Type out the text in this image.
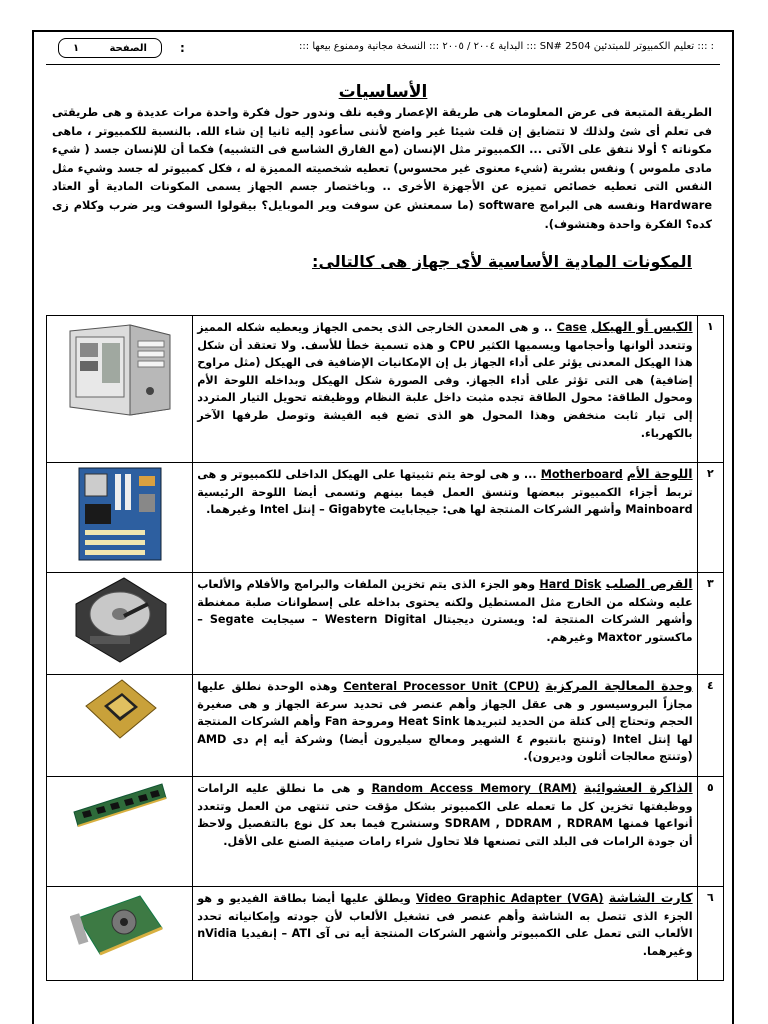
: ::: تعليم الكمبيوتر للمبتدئين SN# 2504 ::: البداية ٢٠٠٤ / ٢٠٠٥ ::: النسخة مجانية وممنوع بيعها :::
:
الصفحة
١
الأساسيات
الطريقة المتبعة فى عرض المعلومات هى طريقة الإعصار وفيه نلف وندور حول فكرة واحدة مرات عديدة و هى طريقتى فى تعلم أى شئ ولذلك لا تتضايق إن قلت شيئا غير واضح لأننى سأعود إليه ثانيا إن شاء الله. بالنسبة للكمبيوتر ، ماهى مكوناته ؟ أولا نتفق على الآتى ... الكمبيوتر مثل الإنسان (مع الفارق الشاسع فى التشبيه) فكما أن للإنسان جسد ( شيء مادى ملموس ) ونفس بشرية (شيء معنوى غير محسوس) تعطيه شخصيته المميزة له ، فكل كمبيوتر له جسد وشيء مثل النفس التى تعطيه خصائص تميزه عن الأجهزة الأخرى .. وباختصار جسم الجهاز يسمى المكونات المادية أو العتاد Hardware ونفسه هى البرامج software (ما سمعتش عن سوفت وير الموبايل؟ بيقولوا السوفت وير ضرب وكلام زى كده؟ الفكرة واحدة وهتشوف).
المكونات المادية الأساسية لأى جهاز هى كالتالى:
١	الكيس أو الهيكل Case .. و هى المعدن الخارجى الذى يحمى الجهاز ويعطيه شكله المميز وتتعدد ألوانها وأحجامها ويسميها الكثير CPU و هذه تسمية خطأ للأسف. ولا تعتقد أن شكل هذا الهيكل المعدنى يؤثر على أداء الجهاز بل إن الإمكانيات الإضافية فى الهيكل (مثل مراوح إضافية) هى التى تؤثر على أداء الجهاز. وفى الصورة شكل الهيكل وبداخله اللوحة الأم ومحول الطاقة: محول الطاقة تجده مثبت داخل علبة النظام ووظيفته تحويل التيار المتردد إلى تيار ثابت منخفض وهذا المحول هو الذى تضع فيه الفيشة وتوصل طرفها الآخر بالكهرباء.	

٢	اللوحة الأم Motherboard ... و هى لوحة يتم تثبيتها على الهيكل الداخلى للكمبيوتر و هى تربط أجزاء الكمبيوتر ببعضها وتنسق العمل فيما بينهم وتسمى أيضا اللوحة الرئيسية Mainboard وأشهر الشركات المنتجة لها هى: جيجابايت Gigabyte – إنتل Intel وغيرهما.	

٣	القرص الصلب Hard Disk وهو الجزء الذى يتم تخزين الملفات والبرامج والأفلام والألعاب عليه وشكله من الخارج مثل المستطيل ولكنه يحتوى بداخله على إسطوانات صلبة ممغنطة وأشهر الشركات المنتجة له: ويسترن ديجيتال Western Digital – سيجايت Segate – ماكستور Maxtor وغيرهم.	

٤	وحدة المعالجة المركزية Centeral Processor Unit (CPU) وهذه الوحدة نطلق عليها مجازاً البروسيسور و هى عقل الجهاز وأهم عنصر فى تحديد سرعة الجهاز و هى صغيرة الحجم وتحتاج إلى كتلة من الحديد لتبريدها Heat Sink ومروحة Fan وأهم الشركات المنتجة لها إنتل Intel (وتنتج بانتيوم ٤ الشهير ومعالج سيليرون أيضا) وشركة أيه إم دى AMD (وتنتج معالجات أثلون وديرون).	

٥	الذاكرة العشوائية Random Access Memory (RAM) و هى ما نطلق عليه الرامات ووظيفتها تخزين كل ما تعمله على الكمبيوتر بشكل مؤقت حتى تنتهى من العمل وتتعدد أنواعها فمنها SDRAM , DDRAM , RDRAM وسنشرح فيما بعد كل نوع بالتفصيل ولاحظ أن جودة الرامات فى البلد التى تصنعها فلا تحاول شراء رامات صينية الصنع على الأقل.	

٦	كارت الشاشة Video Graphic Adapter (VGA) ويطلق عليها أيضا بطاقة الفيديو و هو الجزء الذى تتصل به الشاشة وأهم عنصر فى تشغيل الألعاب لأن جودته وإمكانياته تحدد الألعاب التى تعمل على الكمبيوتر وأشهر الشركات المنتجة أيه تى آى ATI – إنفيديا nVidia وغيرهما.	
